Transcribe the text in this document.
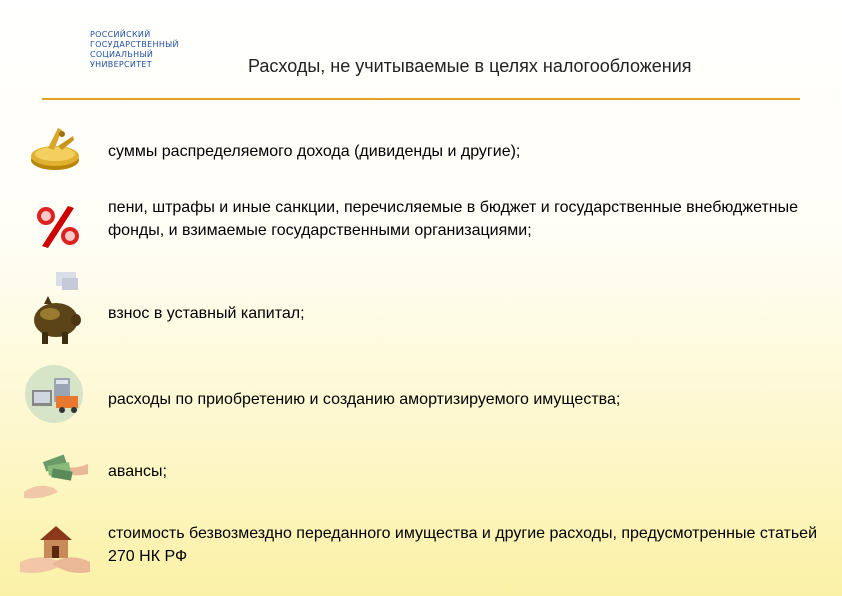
РОССИЙСКИЙ
ГОСУДАРСТВЕННЫЙ
СОЦИАЛЬНЫЙ
УНИВЕРСИТЕТ	Расходы, не учитываемые в целях налогообложения
суммы распределяемого дохода (дивиденды и другие);
пени, штрафы и иные санкции, перечисляемые в бюджет и государственные внебюджетные фонды, и взимаемые государственными организациями;
взнос в уставный капитал;
расходы по приобретению и созданию амортизируемого имущества;
авансы;
стоимость безвозмездно переданного имущества и другие расходы, предусмотренные статьей 270 НК РФ
